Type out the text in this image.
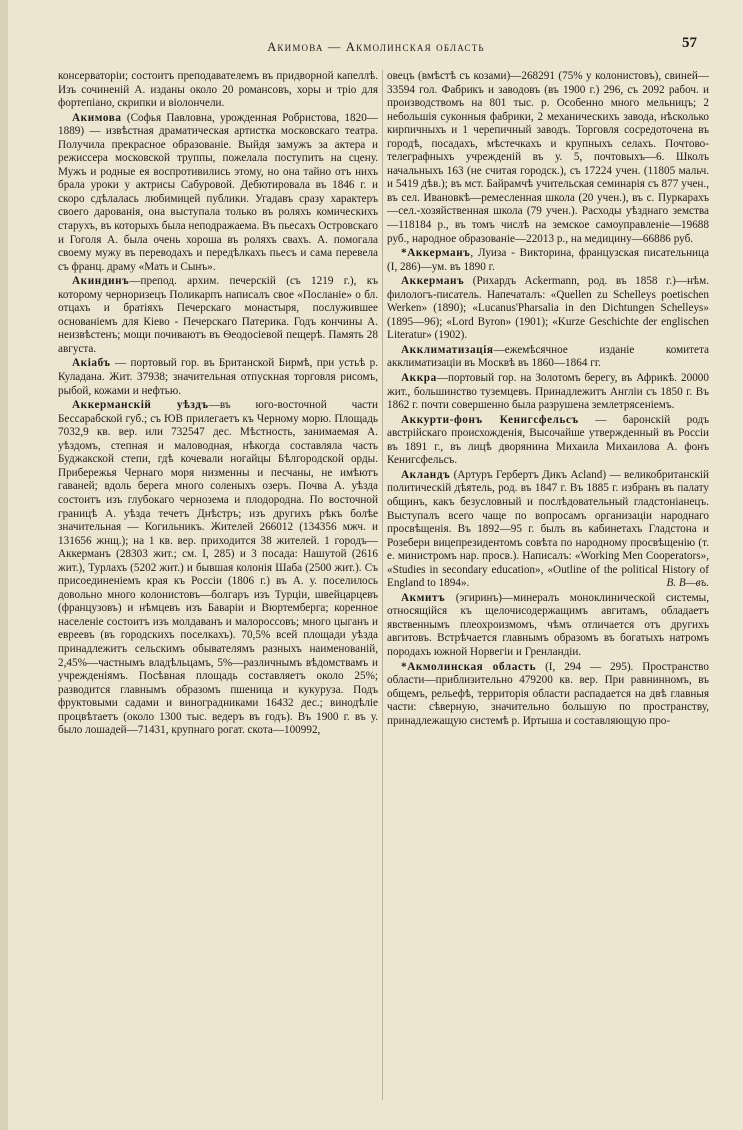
Акимова — Акмолинская область	57

консерваторіи; состоитъ преподавателемъ въ придворной капеллѣ. Изъ сочиненій А. изданы около 20 романсовъ, хоры и тріо для фортепіано, скрипки и віолончели.

Акимова (Софья Павловна, урожденная Робристова, 1820—1889) — извѣстная драматическая артистка московскаго театра. Получила прекрасное образованіе. Выйдя замужъ за актера и режиссера московской труппы, пожелала поступить на сцену. Мужъ и родные ея воспротивились этому, но она тайно отъ нихъ брала уроки у актрисы Сабуровой. Дебютировала въ 1846 г. и скоро сдѣлалась любимицей публики. Угадавъ сразу характеръ своего дарованія, она выступала только въ роляхъ комическихъ старухъ, въ которыхъ была неподражаема. Въ пьесахъ Островскаго и Гоголя А. была очень хороша въ роляхъ свахъ. А. помогала своему мужу въ переводахъ и передѣлкахъ пьесъ и сама перевела съ франц. драму «Мать и Сынъ».

Акиндинъ—препод. архим. печерскій (съ 1219 г.), къ которому черноризецъ Поликарпъ написалъ свое «Посланіе» о бл. отцахъ и братіяхъ Печерскаго монастыря, послужившее основаніемъ для Кіево - Печерскаго Патерика. Годъ кончины А. неизвѣстенъ; мощи почиваютъ въ Ѳеодосіевой пещерѣ. Память 28 августа.

Акіабъ — портовый гор. въ Британской Бирмѣ, при устьѣ р. Куладана. Жит. 37938; значительная отпускная торговля рисомъ, рыбой, кожами и нефтью.

Аккерманскій уѣздъ—въ юго-восточной части Бессарабской губ.; съ ЮВ прилегаетъ къ Черному морю. Площадь 7032,9 кв. вер. или 732547 дес. Мѣстность, занимаемая А. уѣздомъ, степная и маловодная, нѣкогда составляла часть Буджакской степи, гдѣ кочевали ногайцы Бѣлгородской орды. Прибережья Чернаго моря низменны и песчаны, не имѣютъ гаваней; вдоль берега много соленыхъ озеръ. Почва А. уѣзда состоитъ изъ глубокаго чернозема и плодородна. По восточной границѣ А. уѣзда течетъ Днѣстръ; изъ другихъ рѣкъ болѣе значительная — Когильникъ. Жителей 266012 (134356 мжч. и 131656 жнщ.); на 1 кв. вер. приходится 38 жителей. 1 городъ—Аккерманъ (28303 жит.; см. I, 285) и 3 посада: Нашутой (2616 жит.), Турлахъ (5202 жит.) и бывшая колонія Шаба (2500 жит.). Съ присоединеніемъ края къ Россіи (1806 г.) въ А. у. поселилось довольно много колонистовъ—болгаръ изъ Турціи, швейцарцевъ (французовъ) и нѣмцевъ изъ Баваріи и Вюртемберга; коренное населеніе состоитъ изъ молдаванъ и малороссовъ; много цыганъ и евреевъ (въ городскихъ поселкахъ). 70,5% всей площади уѣзда принадлежитъ сельскимъ обывателямъ разныхъ наименованій, 2,45%—частнымъ владѣльцамъ, 5%—различнымъ вѣдомствамъ и учрежденіямъ. Посѣвная площадь составляетъ около 25%; разводится главнымъ образомъ пшеница и кукуруза. Подъ фруктовыми садами и виноградниками 16432 дес.; винодѣліе процвѣтаетъ (около 1300 тыс. ведеръ въ годъ). Въ 1900 г. въ у. было лошадей—71431, крупнаго рогат. скота—100992,

овецъ (вмѣстѣ съ козами)—268291 (75% у колонистовъ), свиней—33594 гол. Фабрикъ и заводовъ (въ 1900 г.) 296, съ 2092 рабоч. и производствомъ на 801 тыс. р. Особенно много мельницъ; 2 небольшія суконныя фабрики, 2 механическихъ завода, нѣсколько кирпичныхъ и 1 черепичный заводъ. Торговля сосредоточена въ городѣ, посадахъ, мѣстечкахъ и крупныхъ селахъ. Почтово-телеграфныхъ учрежденій въ у. 5, почтовыхъ—6. Школъ начальныхъ 163 (не считая городск.), съ 17224 учен. (11805 мальч. и 5419 дѣв.); въ мст. Байрамчѣ учительская семинарія съ 877 учен., въ сел. Ивановкѣ—ремесленная школа (20 учен.), въ с. Пуркарахъ—сел.-хозяйственная школа (79 учен.). Расходы уѣзднаго земства—118184 р., въ томъ числѣ на земское самоуправленіе—19688 руб., народное образованіе—22013 р., на медицину—66886 руб.

*Аккерманъ, Луиза - Викторина, французская писательница (I, 286)—ум. въ 1890 г.

Аккерманъ (Рихардъ Ackermann, род. въ 1858 г.)—нѣм. филологъ-писатель. Напечаталъ: «Quellen zu Schelleys poetischen Werken» (1890); «Lucanus'Pharsalia in den Dichtungen Schelleys» (1895—96); «Lord Byron» (1901); «Kurze Geschichte der englischen Literatur» (1902).

Акклиматизація—ежемѣсячное изданіе комитета акклиматизаціи въ Москвѣ въ 1860—1864 гг.

Аккра—портовый гор. на Золотомъ берегу, въ Африкѣ. 20000 жит., большинство туземцевъ. Принадлежитъ Англіи съ 1850 г. Въ 1862 г. почти совершенно была разрушена землетрясеніемъ.

Аккурти-фонъ Кенигсфельсъ — баронскій родъ австрійскаго происхожденія, Высочайше утвержденный въ Россіи въ 1891 г., въ лицѣ дворянина Михаила Михаилова А. фонъ Кенигсфельсъ.

Акландъ (Артуръ Гербертъ Дикъ Асland) — великобританскій политическій дѣятель, род. въ 1847 г. Въ 1885 г. избранъ въ палату общинъ, какъ безусловный и послѣдовательный гладстоніанецъ. Выступалъ всего чаще по вопросамъ организаціи народнаго просвѣщенія. Въ 1892—95 г. былъ въ кабинетахъ Гладстона и Розебери вицепрезидентомъ совѣта по народному просвѣщенію (т. е. министромъ нар. просв.). Написалъ: «Working Men Cooperators», «Studies in secondary education», «Outline of the political History of England to 1894».	В. В—въ.

Акмитъ (эгиринъ)—минералъ моноклинической системы, относящійся къ щелочисодержащимъ авгитамъ, обладаетъ явственнымъ плеохроизмомъ, чѣмъ отличается отъ другихъ авгитовъ. Встрѣчается главнымъ образомъ въ богатыхъ натромъ породахъ южной Норвегіи и Гренландіи.

*Акмолинская область (I, 294 — 295). Пространство области—приблизительно 479200 кв. вер. При равнинномъ, въ общемъ, рельефѣ, территорія области распадается на двѣ главныя части: сѣверную, значительно большую по пространству, принадлежащую системѣ р. Иртыша и составляющую про-
